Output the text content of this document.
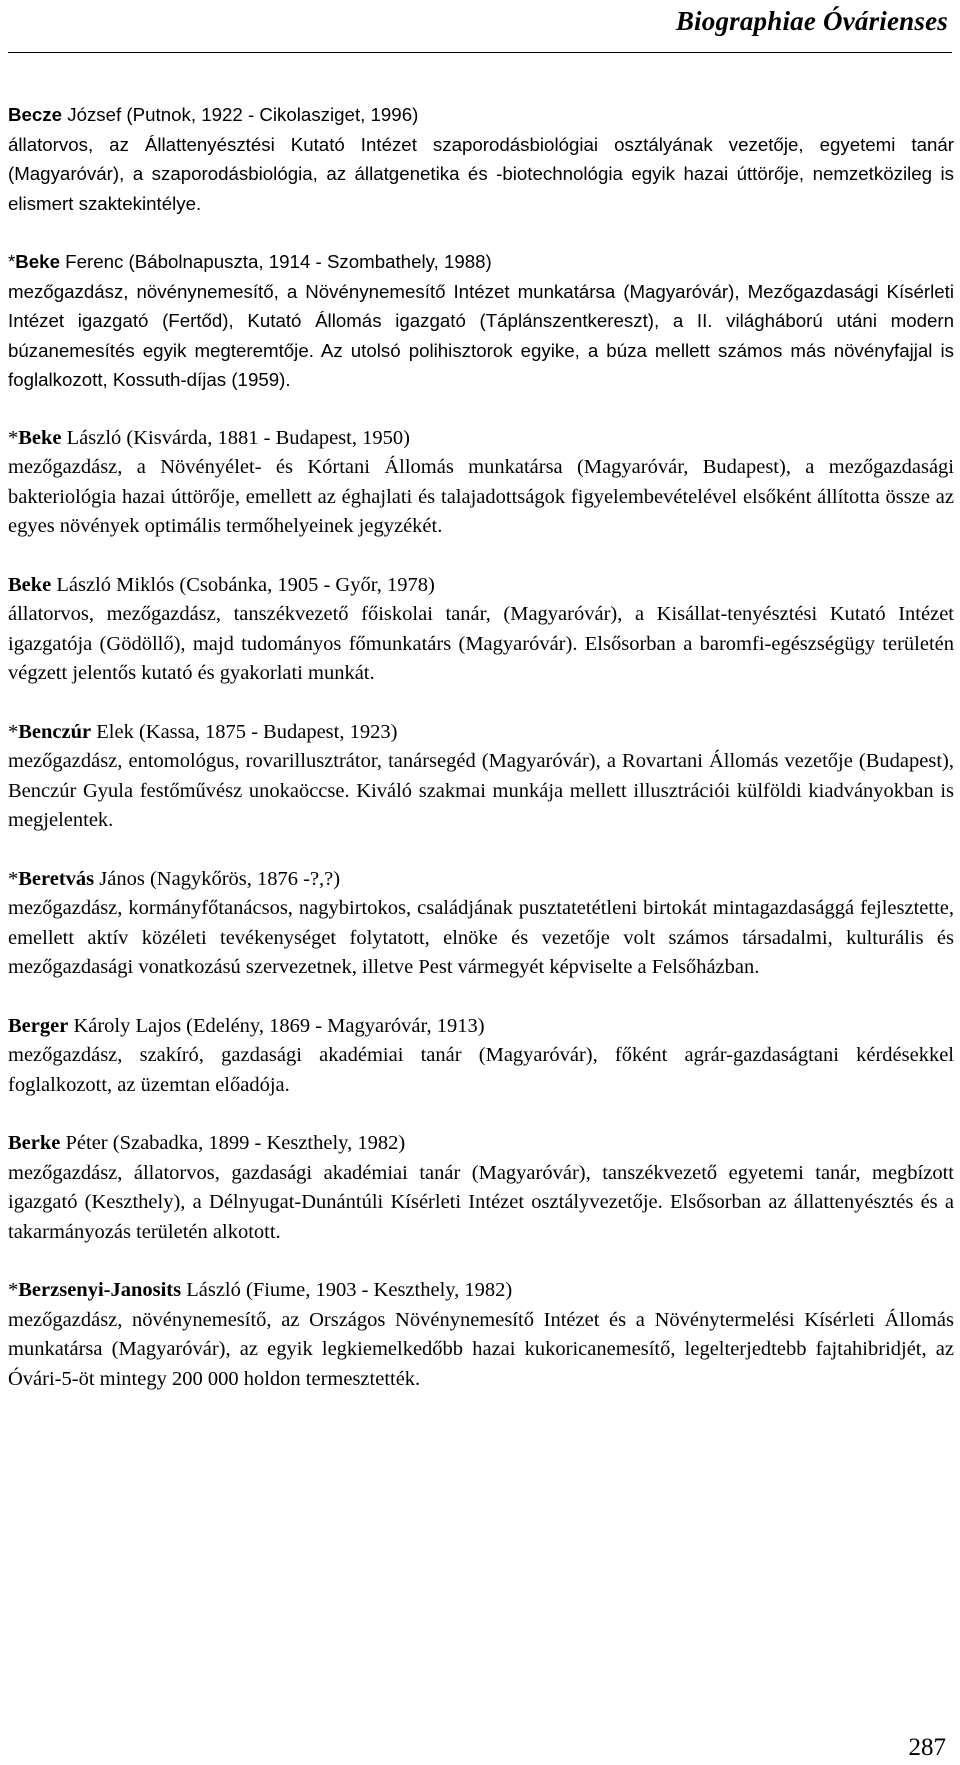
Biographiae Óvárienses
Becze József (Putnok, 1922 - Cikolasziget, 1996)
állatorvos, az Állattenyésztési Kutató Intézet szaporodásbiológiai osztályának vezetője, egyetemi tanár (Magyaróvár), a szaporodásbiológia, az állatgenetika és -biotechnológia egyik hazai úttörője, nemzetközileg is elismert szaktekintélye.
*Beke Ferenc (Bábolnapuszta, 1914 - Szombathely, 1988)
mezőgazdász, növénynemesítő, a Növénynemesítő Intézet munkatársa (Magyaróvár), Mezőgazdasági Kísérleti Intézet igazgató (Fertőd), Kutató Állomás igazgató (Táplánszentkereszt), a II. világháború utáni modern búzanemesítés egyik megteremtője. Az utolsó polihisztorok egyike, a búza mellett számos más növényfajjal is foglalkozott, Kossuth-díjas (1959).
*Beke László (Kisvárda, 1881 - Budapest, 1950)
mezőgazdász, a Növényélet- és Kórtani Állomás munkatársa (Magyaróvár, Budapest), a mezőgazdasági bakteriológia hazai úttörője, emellett az éghajlati és talajadottságok figyelembevételével elsőként állította össze az egyes növények optimális termőhelyeinek jegyzékét.
Beke László Miklós (Csobánka, 1905 - Győr, 1978)
állatorvos, mezőgazdász, tanszékvezető főiskolai tanár, (Magyaróvár), a Kisállat-tenyésztési Kutató Intézet igazgatója (Gödöllő), majd tudományos főmunkatárs (Magyaróvár). Elsősorban a baromfi-egészségügy területén végzett jelentős kutató és gyakorlati munkát.
*Benczúr Elek (Kassa, 1875 - Budapest, 1923)
mezőgazdász, entomológus, rovarillusztrátor, tanársegéd (Magyaróvár), a Rovartani Állomás vezetője (Budapest), Benczúr Gyula festőművész unokaöccse. Kiváló szakmai munkája mellett illusztrációi külföldi kiadványokban is megjelentek.
*Beretvás János (Nagykőrös, 1876 -?,?)
mezőgazdász, kormányfőtanácsos, nagybirtokos, családjának pusztatetétleni birtokát mintagazdasággá fejlesztette, emellett aktív közéleti tevékenységet folytatott, elnöke és vezetője volt számos társadalmi, kulturális és mezőgazdasági vonatkozású szervezetnek, illetve Pest vármegyét képviselte a Felsőházban.
Berger Károly Lajos (Edelény, 1869 - Magyaróvár, 1913)
mezőgazdász, szakíró, gazdasági akadémiai tanár (Magyaróvár), főként agrár-gazdaságtani kérdésekkel foglalkozott, az üzemtan előadója.
Berke Péter (Szabadka, 1899 - Keszthely, 1982)
mezőgazdász, állatorvos, gazdasági akadémiai tanár (Magyaróvár), tanszékvezető egyetemi tanár, megbízott igazgató (Keszthely), a Délnyugat-Dunántúli Kísérleti Intézet osztályvezetője. Elsősorban az állattenyésztés és a takarmányozás területén alkotott.
*Berzsenyi-Janosits László (Fiume, 1903 - Keszthely, 1982)
mezőgazdász, növénynemesítő, az Országos Növénynemesítő Intézet és a Növénytermelési Kísérleti Állomás munkatársa (Magyaróvár), az egyik legkiemelkedőbb hazai kukoricanemesítő, legelterjedtebb fajtahibridjét, az Óvári-5-öt mintegy 200 000 holdon termesztették.
287
